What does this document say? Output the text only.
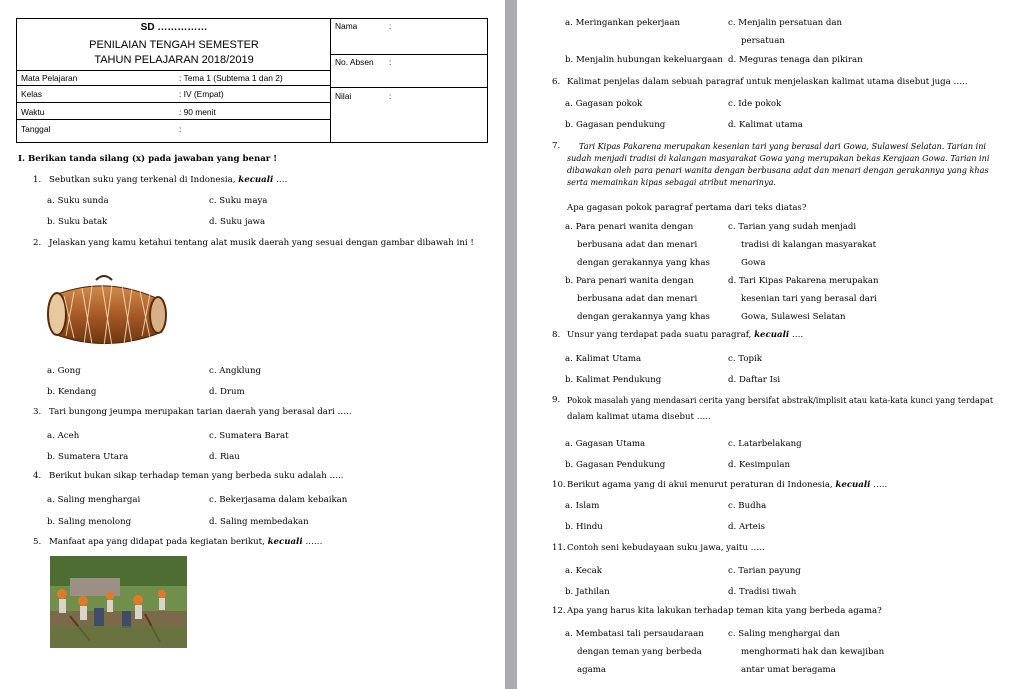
SD ……………
PENILAIAN TENGAH SEMESTER
TAHUN PELAJARAN 2018/2019
Mata Pelajaran	: Tema 1 (Subtema 1 dan 2)
Kelas	: IV (Empat)
Waktu	: 90 menit
Tanggal	:
Nama	:
No. Absen :
Nilai	:
I. Berikan tanda silang (x) pada jawaban yang benar !
1. Sebutkan suku yang terkenal di Indonesia, kecuali ….
a. Suku sunda
b. Suku batak
c. Suku maya
d. Suku jawa
2. Jelaskan yang kamu ketahui tentang alat musik daerah yang sesuai dengan gambar dibawah ini !
a. Gong
b. Kendang
c. Angklung
d. Drum
3. Tari bungong jeumpa merupakan tarian daerah yang berasal dari …..
a. Aceh
b. Sumatera Utara
c. Sumatera Barat
d. Riau
4. Berikut bukan sikap terhadap teman yang berbeda suku adalah …..
a. Saling menghargai
b. Saling menolong
c. Bekerjasama dalam kebaikan
d. Saling membedakan
5. Manfaat apa yang didapat pada kegiatan berikut, kecuali ……
a. Meringankan pekerjaan
b. Menjalin hubungan kekeluargaan
c. Menjalin persatuan dan
persatuan
d. Meguras tenaga dan pikiran
6. Kalimat penjelas dalam sebuah paragraf untuk menjelaskan kalimat utama disebut juga …..
a. Gagasan pokok
b. Gagasan pendukung
c. Ide pokok
d. Kalimat utama
7. Tari Kipas Pakarena merupakan kesenian tari yang berasal dari Gowa, Sulawesi Selatan. Tarian ini
sudah menjadi tradisi di kalangan masyarakat Gowa yang merupakan bekas Kerajaan Gowa. Tarian ini
dibawakan oleh para penari wanita dengan berbusana adat dan menari dengan gerakannya yang khas
serta memainkan kipas sebagai atribut menarinya.
Apa gagasan pokok paragraf pertama dari teks diatas?
a. Para penari wanita dengan
berbusana adat dan menari
dengan gerakannya yang khas
b. Para penari wanita dengan
berbusana adat dan menari
dengan gerakannya yang khas
c. Tarian yang sudah menjadi
tradisi di kalangan masyarakat
Gowa
d. Tari Kipas Pakarena merupakan
kesenian tari yang berasal dari
Gowa, Sulawesi Selatan
8. Unsur yang terdapat pada suatu paragraf, kecuali ….
a. Kalimat Utama
b. Kalimat Pendukung
c. Topik
d. Daftar Isi
9. Pokok masalah yang mendasari cerita yang bersifat abstrak/implisit atau kata-kata kunci yang terdapat
dalam kalimat utama disebut …..
a. Gagasan Utama
b. Gagasan Pendukung
c. Latarbelakang
d. Kesimpulan
10. Berikut agama yang di akui menurut peraturan di Indonesia, kecuali …..
a. Islam
b. Hindu
c. Budha
d. Arteis
11. Contoh seni kebudayaan suku jawa, yaitu …..
a. Kecak
b. Jathilan
c. Tarian payung
d. Tradisi tiwah
12. Apa yang harus kita lakukan terhadap teman kita yang berbeda agama?
a. Membatasi tali persaudaraan
dengan teman yang berbeda
agama
c. Saling menghargai dan
menghormati hak dan kewajiban
antar umat beragama
